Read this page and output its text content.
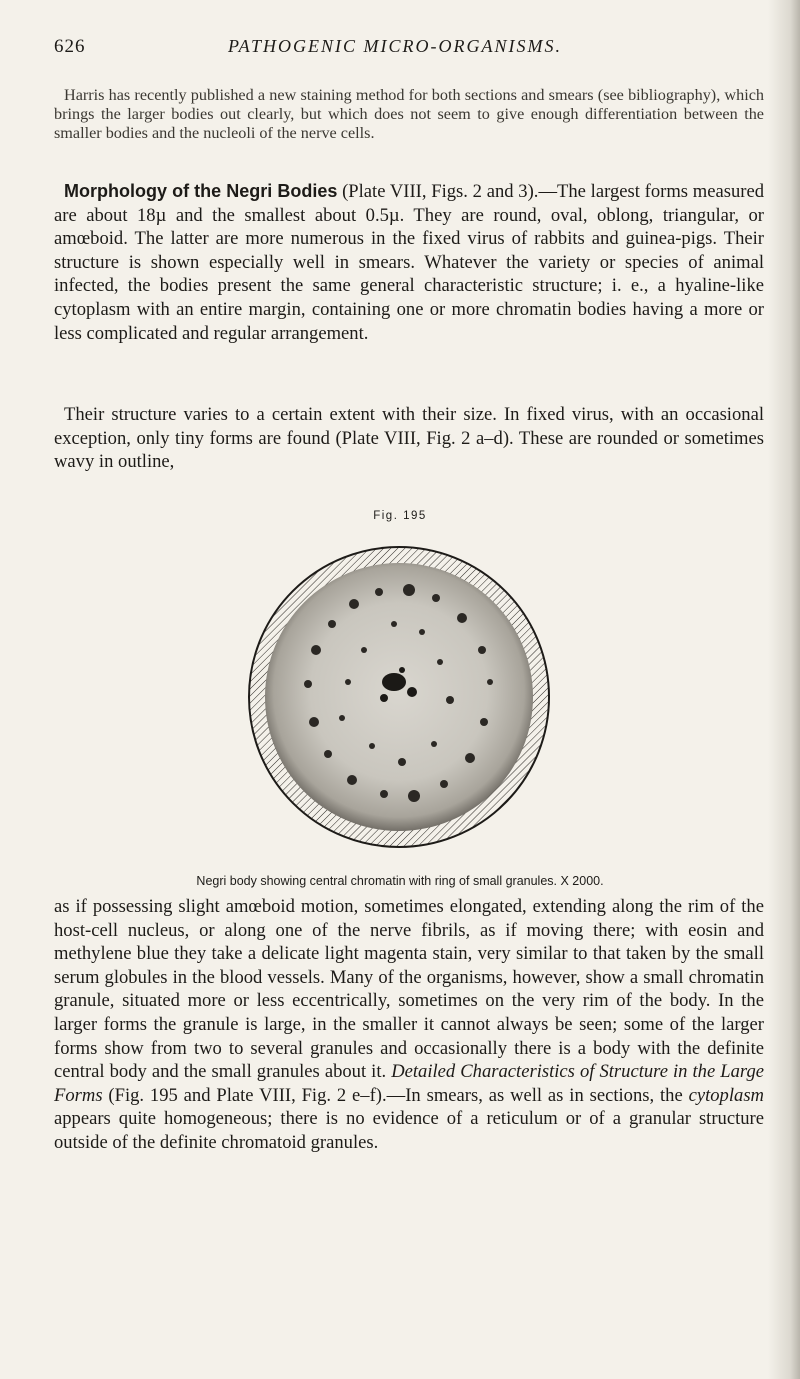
626	PATHOGENIC MICRO-ORGANISMS.

Harris has recently published a new staining method for both sections and smears (see bibliography), which brings the larger bodies out clearly, but which does not seem to give enough differentiation between the smaller bodies and the nucleoli of the nerve cells.

Morphology of the Negri Bodies (Plate VIII, Figs. 2 and 3).—The largest forms measured are about 18µ and the smallest about 0.5µ. They are round, oval, oblong, triangular, or amœboid. The latter are more numerous in the fixed virus of rabbits and guinea-pigs. Their structure is shown especially well in smears. Whatever the variety or species of animal infected, the bodies present the same general characteristic structure; i. e., a hyaline-like cytoplasm with an entire margin, containing one or more chromatin bodies having a more or less complicated and regular arrangement.

Their structure varies to a certain extent with their size. In fixed virus, with an occasional exception, only tiny forms are found (Plate VIII, Fig. 2 a–d). These are rounded or sometimes wavy in outline,

Fig. 195
Negri body showing central chromatin with ring of small granules. X 2000.

as if possessing slight amœboid motion, sometimes elongated, extending along the rim of the host-cell nucleus, or along one of the nerve fibrils, as if moving there; with eosin and methylene blue they take a delicate light magenta stain, very similar to that taken by the small serum globules in the blood vessels. Many of the organisms, however, show a small chromatin granule, situated more or less eccentrically, sometimes on the very rim of the body. In the larger forms the granule is large, in the smaller it cannot always be seen; some of the larger forms show from two to several granules and occasionally there is a body with the definite central body and the small granules about it. Detailed Characteristics of Structure in the Large Forms (Fig. 195 and Plate VIII, Fig. 2 e–f).—In smears, as well as in sections, the cytoplasm appears quite homogeneous; there is no evidence of a reticulum or of a granular structure outside of the definite chromatoid granules.
